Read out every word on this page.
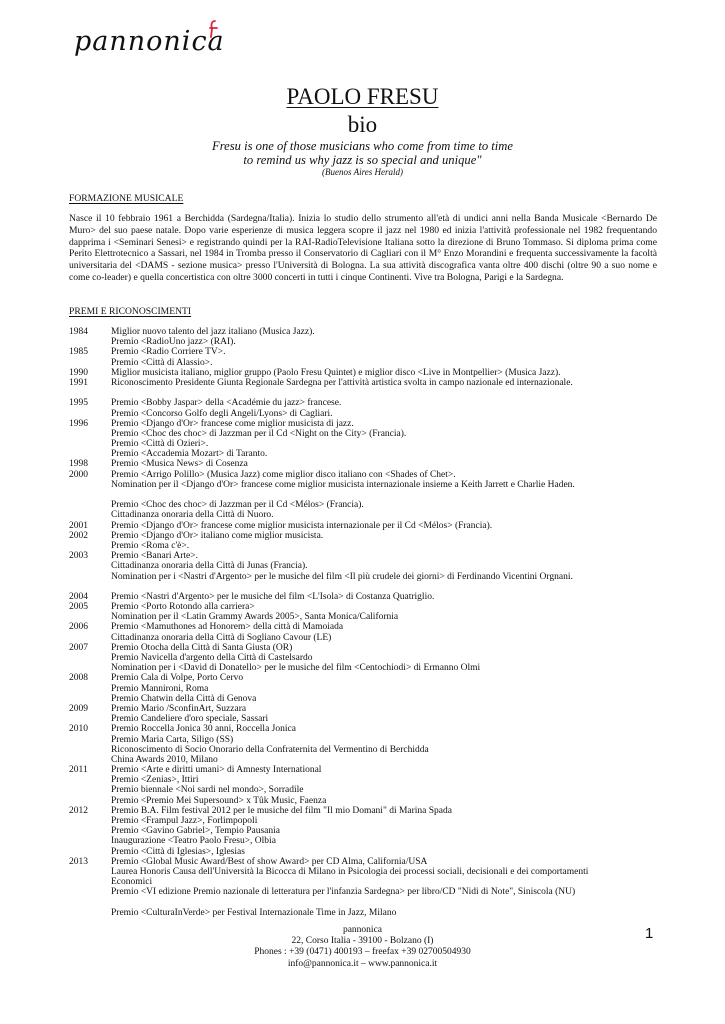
pannonica
PAOLO FRESU
bio
Fresu is one of those musicians who come from time to time
to remind us why jazz is so special and unique"
(Buenos Aires Herald)
FORMAZIONE MUSICALE
Nasce il 10 febbraio 1961 a Berchidda (Sardegna/Italia). Inizia lo studio dello strumento all'età di undici anni nella Banda Musicale <Bernardo De Muro> del suo paese natale. Dopo varie esperienze di musica leggera scopre il jazz nel 1980 ed inizia l'attività professionale nel 1982 frequentando dapprima i <Seminari Senesi> e registrando quindi per la RAI-RadioTelevisione Italiana sotto la direzione di Bruno Tommaso. Si diploma prima come Perito Elettrotecnico a Sassari, nel 1984 in Tromba presso il Conservatorio di Cagliari con il M° Enzo Morandini e frequenta successivamente la facoltà universitaria del <DAMS - sezione musica> presso l'Università di Bologna. La sua attività discografica vanta oltre 400 dischi (oltre 90 a suo nome e come co-leader) e quella concertistica con oltre 3000 concerti in tutti i cinque Continenti. Vive tra Bologna, Parigi e la Sardegna.
PREMI E RICONOSCIMENTI
1984 Miglior nuovo talento del jazz italiano (Musica Jazz).
Premio <RadioUno jazz> (RAI).
1985 Premio <Radio Corriere TV>.
Premio <Città di Alassio>.
1990 Miglior musicista italiano, miglior gruppo (Paolo Fresu Quintet) e miglior disco <Live in Montpellier> (Musica Jazz).
1991 Riconoscimento Presidente Giunta Regionale Sardegna per l'attività artistica svolta in campo nazionale ed internazionale.
1995 Premio <Bobby Jaspar> della <Académie du jazz> francese.
Premio <Concorso Golfo degli Angeli/Lyons> di Cagliari.
1996 Premio <Django d'Or> francese come miglior musicista di jazz.
Premio <Choc des choc> di Jazzman per il Cd <Night on the City> (Francia).
Premio <Città di Ozieri>.
Premio <Accademia Mozart> di Taranto.
1998 Premio <Musica News> di Cosenza
2000 Premio <Arrigo Polillo> (Musica Jazz) come miglior disco italiano con <Shades of Chet>.
Nomination per il <Django d'Or> francese come miglior musicista internazionale insieme a Keith Jarrett e Charlie Haden.
Premio <Choc des choc> di Jazzman per il Cd <Mélos> (Francia).
Cittadinanza onoraria della Città di Nuoro.
2001 Premio <Django d'Or> francese come miglior musicista internazionale per il Cd <Mélos> (Francia).
2002 Premio <Django d'Or> italiano come miglior musicista.
Premio <Roma c'è>.
2003 Premio <Banari Arte>.
Cittadinanza onoraria della Città di Junas (Francia).
Nomination per i <Nastri d'Argento> per le musiche del film <Il più crudele dei giorni> di Ferdinando Vicentini Orgnani.
2004 Premio <Nastri d'Argento> per le musiche del film <L'Isola> di Costanza Quatriglio.
2005 Premio <Porto Rotondo alla carriera>
Nomination per il <Latin Grammy Awards 2005>, Santa Monica/California
2006 Premio <Mamuthones ad Honorem> della città di Mamoiada
Cittadinanza onoraria della Città di Sogliano Cavour (LE)
2007 Premio Otocha della Città di Santa Giusta (OR)
Premio Navicella d'argento della Città di Castelsardo
Nomination per i <David di Donatello> per le musiche del film <Centochiodi> di Ermanno Olmi
2008 Premio Cala di Volpe, Porto Cervo
Premio Mannironi, Roma
Premio Chatwin della Città di Genova
2009 Premio Mario /SconfinArt, Suzzara
Premio Candeliere d'oro speciale, Sassari
2010 Premio Roccella Jonica 30 anni, Roccella Jonica
Premio Maria Carta, Siligo (SS)
Riconoscimento di Socio Onorario della Confraternita del Vermentino di Berchidda
China Awards 2010, Milano
2011 Premio <Arte e diritti umani> di Amnesty International
Premio <Zenias>, Ittiri
Premio biennale <Noi sardi nel mondo>, Sorradile
Premio <Premio Mei Supersound> x Tûk Music, Faenza
2012 Premio B.A. Film festival 2012 per le musiche del film "Il mio Domani" di Marina Spada
Premio <Frampul Jazz>, Forlimpopoli
Premio <Gavino Gabriel>, Tempio Pausania
Inaugurazione <Teatro Paolo Fresu>, Olbia
Premio <Città di Iglesias>, Iglesias
2013 Premio <Global Music Award/Best of show Award> per CD Alma, California/USA
Laurea Honoris Causa dell'Università la Bicocca di Milano in Psicologia dei processi sociali, decisionali e dei comportamenti Economici
Premio <VI edizione Premio nazionale di letteratura per l'infanzia Sardegna> per libro/CD "Nidi di Note", Siniscola (NU)
Premio <CulturaInVerde> per Festival Internazionale Time in Jazz, Milano
pannonica
22, Corso Italia - 39100 - Bolzano (I)
Phones : +39 (0471) 400193 – freefax +39 02700504930
info@pannonica.it – www.pannonica.it
1
